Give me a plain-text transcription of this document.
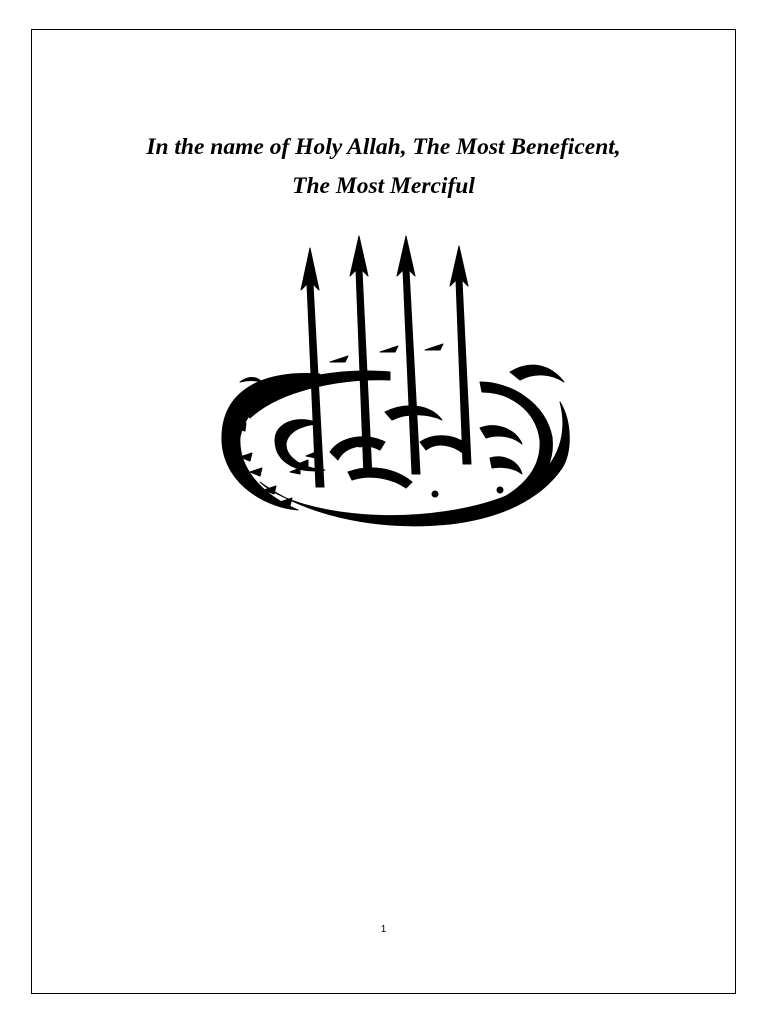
In the name of Holy Allah, The Most Beneficent,
The Most Merciful
1
